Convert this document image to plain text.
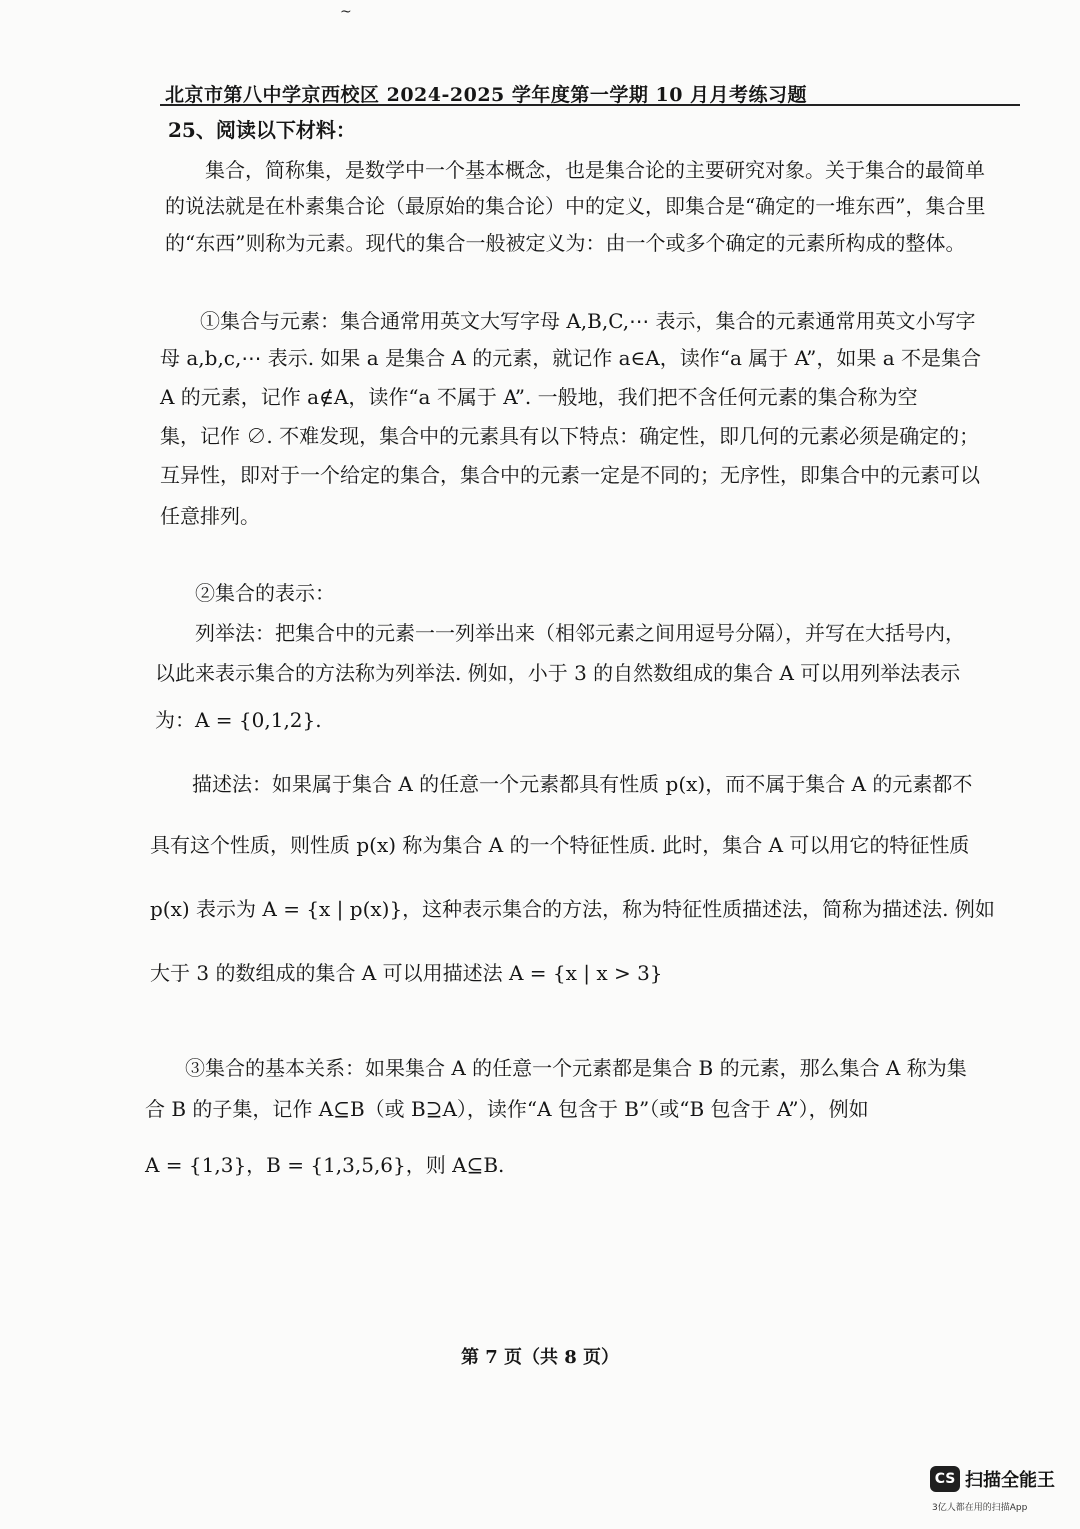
~
北京市第八中学京西校区 2024-2025 学年度第一学期 10 月月考练习题
25、阅读以下材料：
集合，简称集，是数学中一个基本概念，也是集合论的主要研究对象。关于集合的最简单
的说法就是在朴素集合论（最原始的集合论）中的定义，即集合是“确定的一堆东西”，集合里
的“东西”则称为元素。现代的集合一般被定义为：由一个或多个确定的元素所构成的整体。
①集合与元素：集合通常用英文大写字母 A,B,C,⋯ 表示，集合的元素通常用英文小写字
母 a,b,c,⋯ 表示. 如果 a 是集合 A 的元素，就记作 a∈A，读作“a 属于 A”，如果 a 不是集合
A 的元素，记作 a∉A，读作“a 不属于 A”. 一般地，我们把不含任何元素的集合称为空
集，记作 ∅. 不难发现，集合中的元素具有以下特点：确定性，即几何的元素必须是确定的；
互异性，即对于一个给定的集合，集合中的元素一定是不同的；无序性，即集合中的元素可以
任意排列。
②集合的表示：
列举法：把集合中的元素一一列举出来（相邻元素之间用逗号分隔），并写在大括号内，
以此来表示集合的方法称为列举法. 例如，小于 3 的自然数组成的集合 A 可以用列举法表示
为：A = {0,1,2}.
描述法：如果属于集合 A 的任意一个元素都具有性质 p(x)，而不属于集合 A 的元素都不
具有这个性质，则性质 p(x) 称为集合 A 的一个特征性质. 此时，集合 A 可以用它的特征性质
p(x) 表示为 A = {x | p(x)}，这种表示集合的方法，称为特征性质描述法，简称为描述法. 例如
大于 3 的数组成的集合 A 可以用描述法 A = {x | x > 3}
③集合的基本关系：如果集合 A 的任意一个元素都是集合 B 的元素，那么集合 A 称为集
合 B 的子集，记作 A⊆B（或 B⊇A），读作“A 包含于 B”（或“B 包含于 A”），例如
A = {1,3}，B = {1,3,5,6}，则 A⊆B.
第 7 页（共 8 页）
CS 扫描全能王
3亿人都在用的扫描App
